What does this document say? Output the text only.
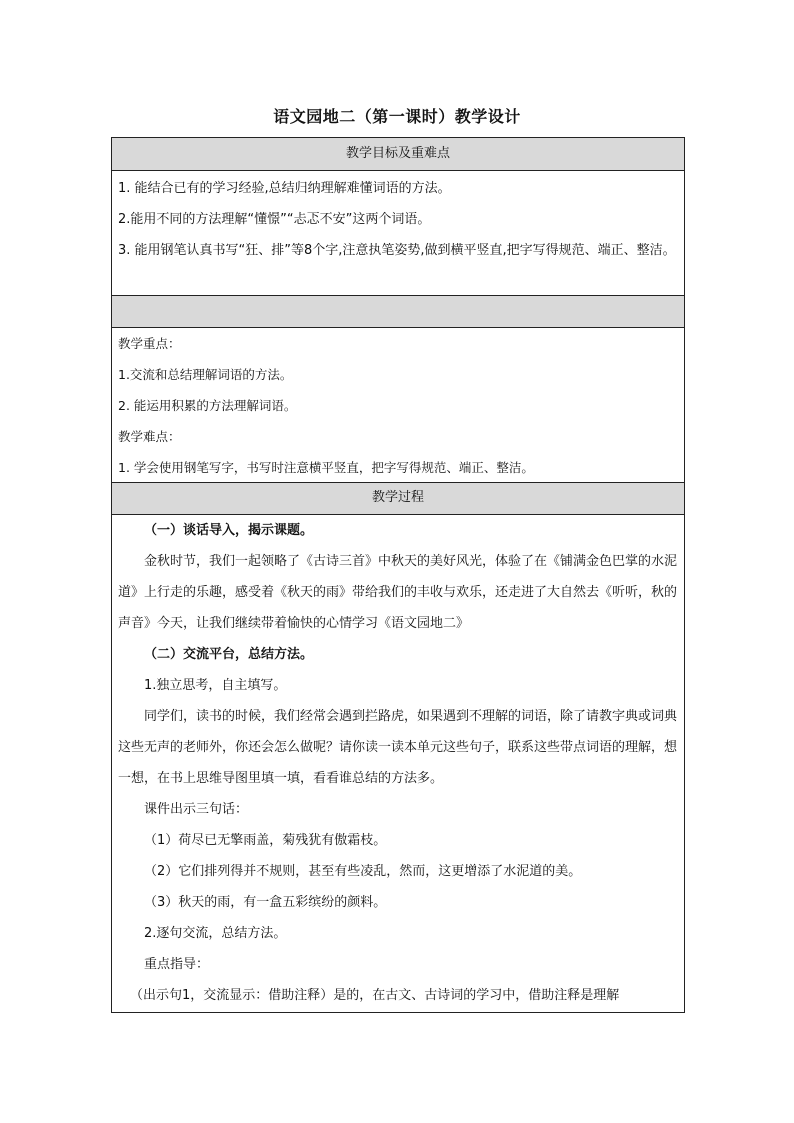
语文园地二（第一课时）教学设计
教学目标及重难点

1. 能结合已有的学习经验,总结归纳理解难懂词语的方法。

2.能用不同的方法理解“懂憬”“忐忑不安”这两个词语。

3. 能用钢笔认真书写“狂、排”等8个字,注意执笔姿势,做到横平竖直,把字写得规范、端正、整洁。

教学重点：

1.交流和总结理解词语的方法。

2. 能运用积累的方法理解词语。

教学难点：

1. 学会使用钢笔写字，书写时注意横平竖直，把字写得规范、端正、整洁。

教学过程

（一）谈话导入，揭示课题。

金秋时节，我们一起领略了《古诗三首》中秋天的美好风光，体验了在《铺满金色巴掌的水泥道》上行走的乐趣，感受着《秋天的雨》带给我们的丰收与欢乐，还走进了大自然去《听听，秋的声音》今天，让我们继续带着愉快的心情学习《语文园地二》

（二）交流平台，总结方法。

1.独立思考，自主填写。

同学们，读书的时候，我们经常会遇到拦路虎，如果遇到不理解的词语，除了请教字典或词典这些无声的老师外，你还会怎么做呢？请你读一读本单元这些句子，联系这些带点词语的理解，想一想，在书上思维导图里填一填，看看谁总结的方法多。

课件出示三句话：

（1）荷尽已无擎雨盖，菊残犹有傲霜枝。

（2）它们排列得并不规则，甚至有些凌乱，然而，这更增添了水泥道的美。

（3）秋天的雨，有一盒五彩缤纷的颜料。

2.逐句交流，总结方法。

重点指导：

（出示句1，交流显示：借助注释）是的，在古文、古诗词的学习中，借助注释是理解
